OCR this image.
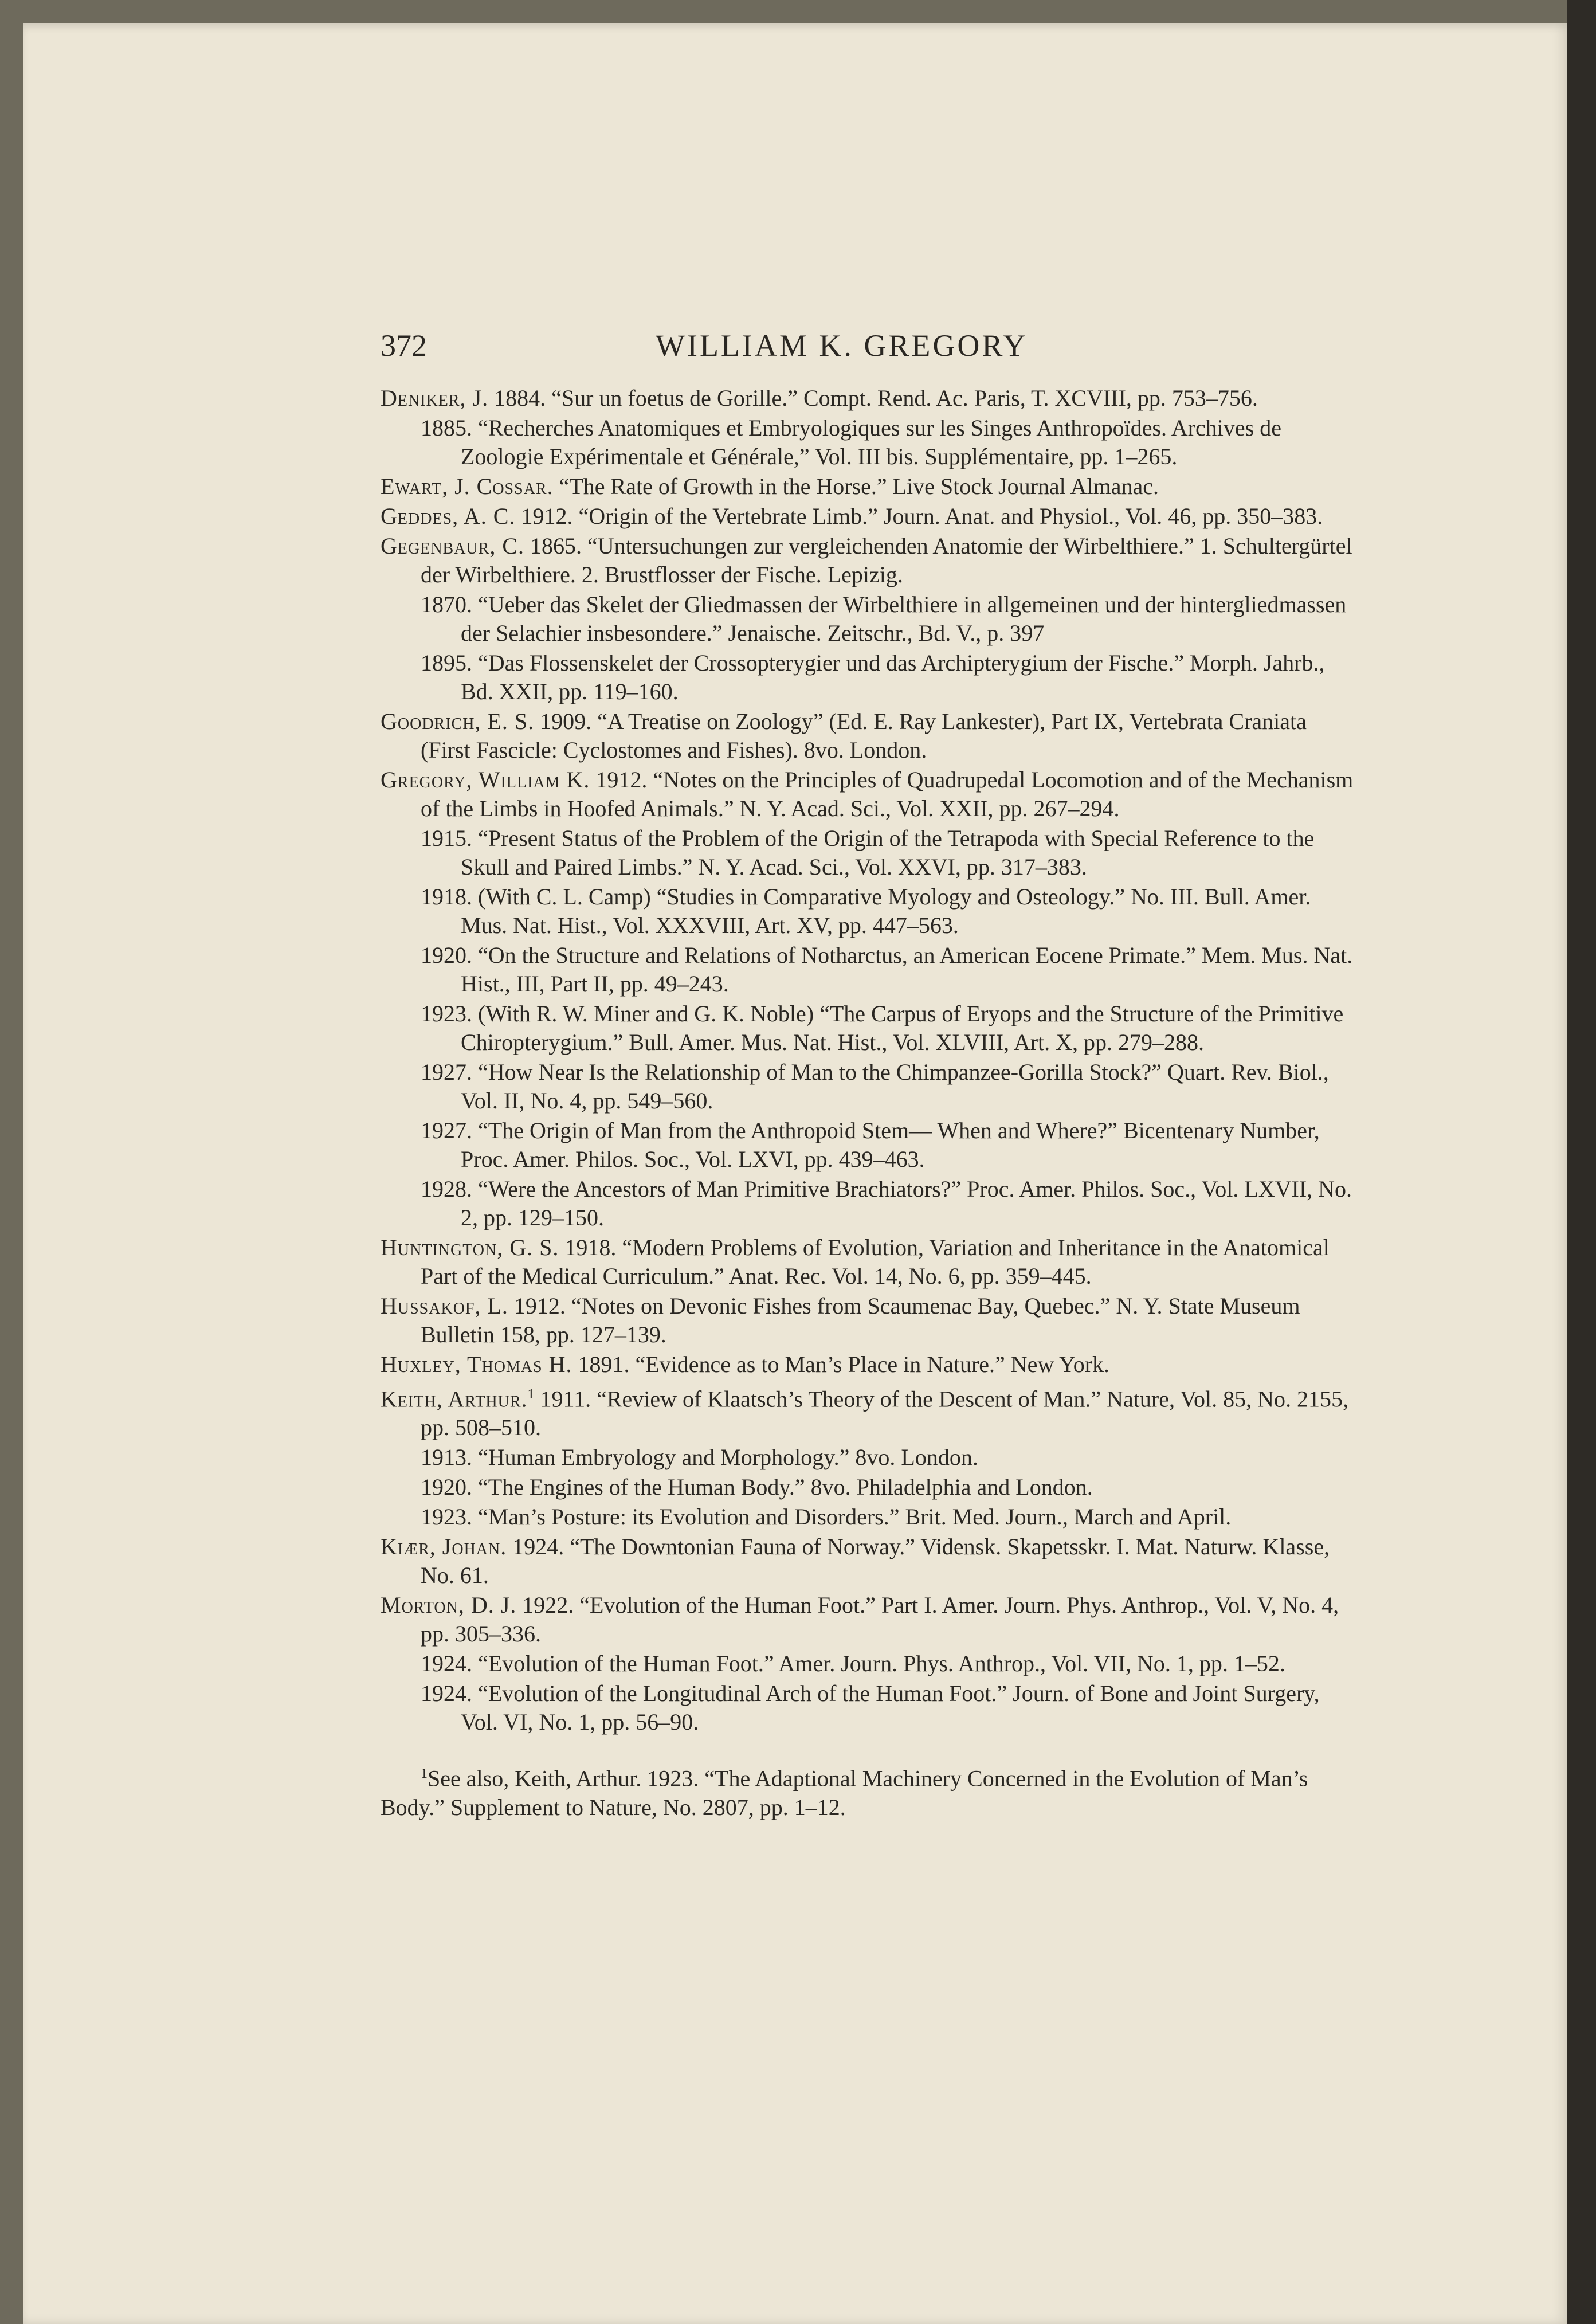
372	WILLIAM K. GREGORY
Deniker, J. 1884. “Sur un foetus de Gorille.” Compt. Rend. Ac. Paris, T. XCVIII, pp. 753–756.
1885. “Recherches Anatomiques et Embryologiques sur les Singes Anthropoïdes. Archives de Zoologie Expérimentale et Générale,” Vol. III bis. Supplémentaire, pp. 1–265.
Ewart, J. Cossar. “The Rate of Growth in the Horse.” Live Stock Journal Almanac.
Geddes, A. C. 1912. “Origin of the Vertebrate Limb.” Journ. Anat. and Physiol., Vol. 46, pp. 350–383.
Gegenbaur, C. 1865. “Untersuchungen zur vergleichenden Anatomie der Wirbelthiere.” 1. Schultergürtel der Wirbelthiere. 2. Brustflosser der Fische. Lepizig.
1870. “Ueber das Skelet der Gliedmassen der Wirbelthiere in allgemeinen und der hintergliedmassen der Selachier insbesondere.” Jenaische. Zeitschr., Bd. V., p. 397
1895. “Das Flossenskelet der Crossopterygier und das Archipterygium der Fische.” Morph. Jahrb., Bd. XXII, pp. 119–160.
Goodrich, E. S. 1909. “A Treatise on Zoology” (Ed. E. Ray Lankester), Part IX, Vertebrata Craniata (First Fascicle: Cyclostomes and Fishes). 8vo. London.
Gregory, William K. 1912. “Notes on the Principles of Quadrupedal Locomotion and of the Mechanism of the Limbs in Hoofed Animals.” N. Y. Acad. Sci., Vol. XXII, pp. 267–294.
1915. “Present Status of the Problem of the Origin of the Tetrapoda with Special Reference to the Skull and Paired Limbs.” N. Y. Acad. Sci., Vol. XXVI, pp. 317–383.
1918. (With C. L. Camp) “Studies in Comparative Myology and Osteology.” No. III. Bull. Amer. Mus. Nat. Hist., Vol. XXXVIII, Art. XV, pp. 447–563.
1920. “On the Structure and Relations of Notharctus, an American Eocene Primate.” Mem. Mus. Nat. Hist., III, Part II, pp. 49–243.
1923. (With R. W. Miner and G. K. Noble) “The Carpus of Eryops and the Structure of the Primitive Chiropterygium.” Bull. Amer. Mus. Nat. Hist., Vol. XLVIII, Art. X, pp. 279–288.
1927. “How Near Is the Relationship of Man to the Chimpanzee-Gorilla Stock?” Quart. Rev. Biol., Vol. II, No. 4, pp. 549–560.
1927. “The Origin of Man from the Anthropoid Stem— When and Where?” Bicentenary Number, Proc. Amer. Philos. Soc., Vol. LXVI, pp. 439–463.
1928. “Were the Ancestors of Man Primitive Brachiators?” Proc. Amer. Philos. Soc., Vol. LXVII, No. 2, pp. 129–150.
Huntington, G. S. 1918. “Modern Problems of Evolution, Variation and Inheritance in the Anatomical Part of the Medical Curriculum.” Anat. Rec. Vol. 14, No. 6, pp. 359–445.
Hussakof, L. 1912. “Notes on Devonic Fishes from Scaumenac Bay, Quebec.” N. Y. State Museum Bulletin 158, pp. 127–139.
Huxley, Thomas H. 1891. “Evidence as to Man’s Place in Nature.” New York.
Keith, Arthur.$^1$ 1911. “Review of Klaatsch’s Theory of the Descent of Man.” Nature, Vol. 85, No. 2155, pp. 508–510.
1913. “Human Embryology and Morphology.” 8vo. London.
1920. “The Engines of the Human Body.” 8vo. Philadelphia and London.
1923. “Man’s Posture: its Evolution and Disorders.” Brit. Med. Journ., March and April.
Kiær, Johan. 1924. “The Downtonian Fauna of Norway.” Vidensk. Skapetsskr. I. Mat. Naturw. Klasse, No. 61.
Morton, D. J. 1922. “Evolution of the Human Foot.” Part I. Amer. Journ. Phys. Anthrop., Vol. V, No. 4, pp. 305–336.
1924. “Evolution of the Human Foot.” Amer. Journ. Phys. Anthrop., Vol. VII, No. 1, pp. 1–52.
1924. “Evolution of the Longitudinal Arch of the Human Foot.” Journ. of Bone and Joint Surgery, Vol. VI, No. 1, pp. 56–90.
$^1$See also, Keith, Arthur. 1923. “The Adaptional Machinery Concerned in the Evolution of Man’s Body.” Supplement to Nature, No. 2807, pp. 1–12.
